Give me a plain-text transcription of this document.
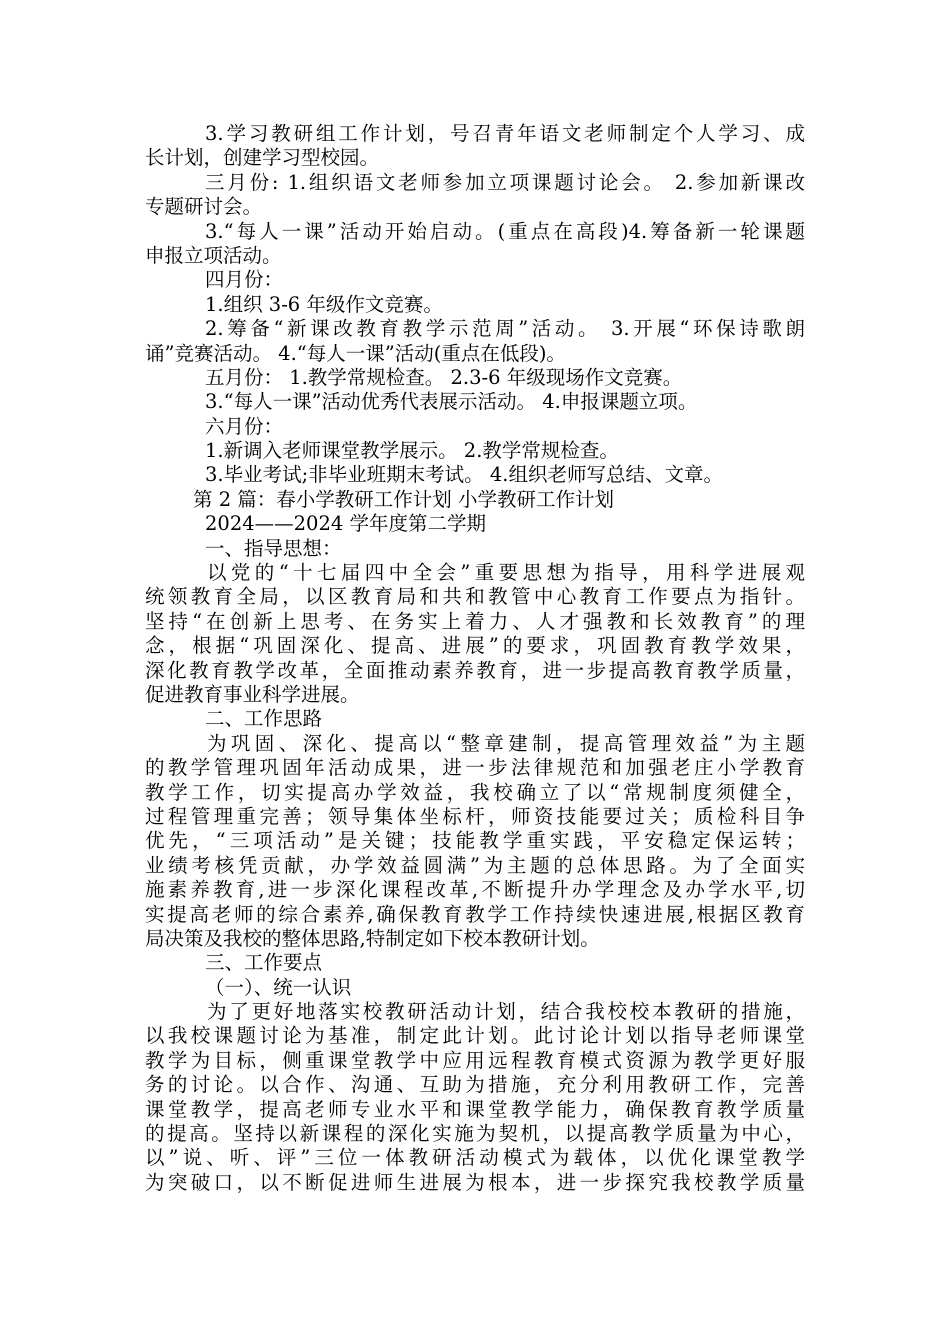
3.学习教研组工作计划，号召青年语文老师制定个人学习、成
长计划，创建学习型校园。
三月份: 1.组织语文老师参加立项课题讨论会。 2.参加新课改
专题研讨会。
3.“每人一课”活动开始启动。(重点在高段)4.筹备新一轮课题
申报立项活动。
四月份：
1.组织 3-6 年级作文竞赛。
2.筹备“新课改教育教学示范周”活动。 3.开展“环保诗歌朗
诵”竞赛活动。 4.“每人一课”活动(重点在低段)。
五月份： 1.教学常规检查。 2.3-6 年级现场作文竞赛。
3.“每人一课”活动优秀代表展示活动。 4.申报课题立项。
六月份：
1.新调入老师课堂教学展示。 2.教学常规检查。
3.毕业考试;非毕业班期末考试。 4.组织老师写总结、文章。
第 2 篇：春小学教研工作计划 小学教研工作计划
2024——2024 学年度第二学期
一、指导思想：
以党的“十七届四中全会”重要思想为指导，用科学进展观
统领教育全局，以区教育局和共和教管中心教育工作要点为指针。
坚持“在创新上思考、在务实上着力、人才强教和长效教育”的理
念，根据“巩固深化、提高、进展”的要求，巩固教育教学效果，
深化教育教学改革，全面推动素养教育，进一步提高教育教学质量，
促进教育事业科学进展。
二、工作思路
为巩固、深化、提高以“整章建制，提高管理效益”为主题
的教学管理巩固年活动成果，进一步法律规范和加强老庄小学教育
教学工作，切实提高办学效益，我校确立了以“常规制度须健全，
过程管理重完善；领导集体坐标杆，师资技能要过关；质检科目争
优先，“三项活动”是关键；技能教学重实践，平安稳定保运转；
业绩考核凭贡献，办学效益圆满”为主题的总体思路。为了全面实
施素养教育,进一步深化课程改革,不断提升办学理念及办学水平,切
实提高老师的综合素养,确保教育教学工作持续快速进展,根据区教育
局决策及我校的整体思路,特制定如下校本教研计划。
三、工作要点
（一）、统一认识
为了更好地落实校教研活动计划，结合我校校本教研的措施，
以我校课题讨论为基准，制定此计划。此讨论计划以指导老师课堂
教学为目标，侧重课堂教学中应用远程教育模式资源为教学更好服
务的讨论。以合作、沟通、互助为措施，充分利用教研工作，完善
课堂教学，提高老师专业水平和课堂教学能力，确保教育教学质量
的提高。坚持以新课程的深化实施为契机，以提高教学质量为中心，
以”说、听、评”三位一体教研活动模式为载体，以优化课堂教学
为突破口，以不断促进师生进展为根本，进一步探究我校教学质量
